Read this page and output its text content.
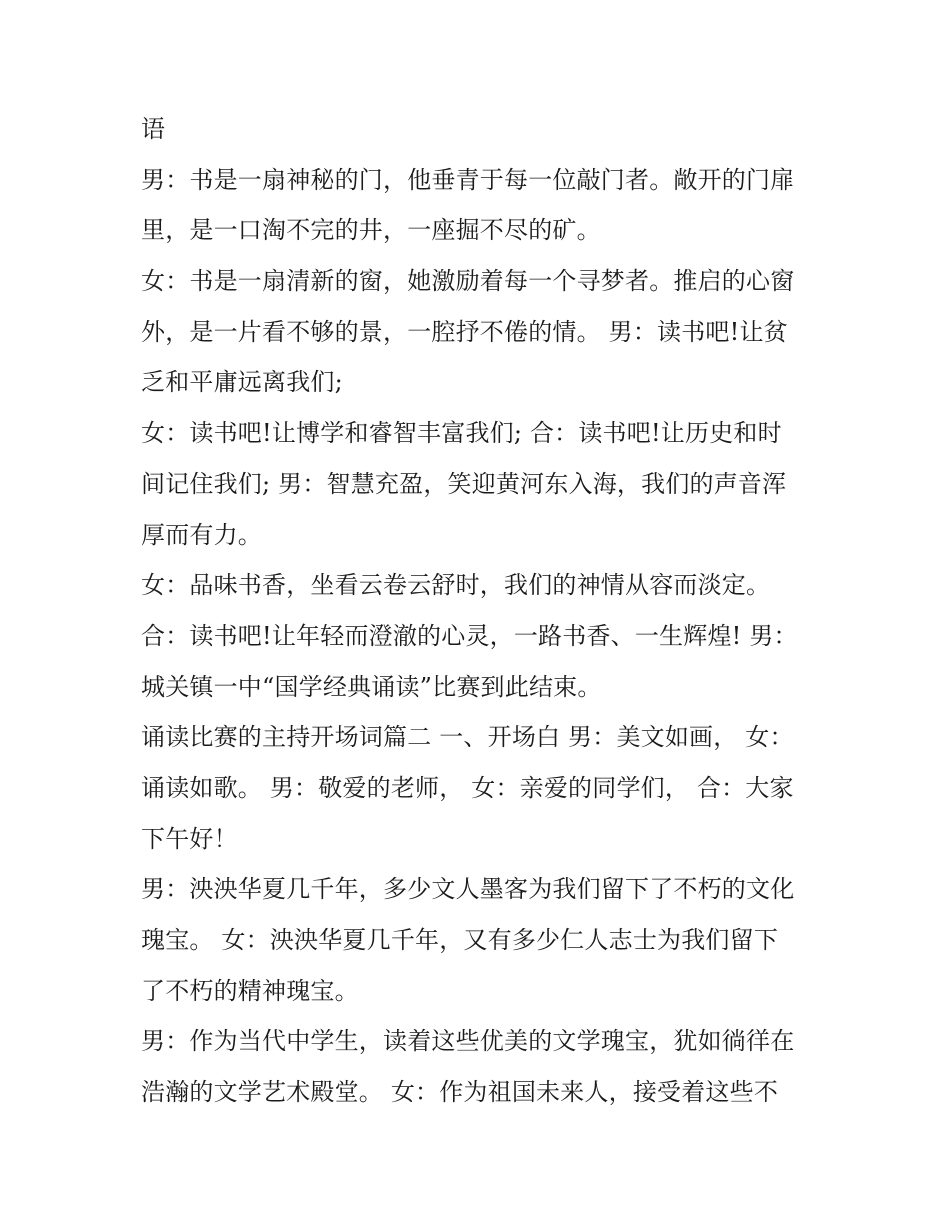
语
男：书是一扇神秘的门，他垂青于每一位敲门者。敞开的门扉
里，是一口淘不完的井，一座掘不尽的矿。
女：书是一扇清新的窗，她激励着每一个寻梦者。推启的心窗
外，是一片看不够的景，一腔抒不倦的情。 男：读书吧!让贫
乏和平庸远离我们;
女：读书吧!让博学和睿智丰富我们; 合：读书吧!让历史和时
间记住我们; 男：智慧充盈，笑迎黄河东入海，我们的声音浑
厚而有力。
女：品味书香，坐看云卷云舒时，我们的神情从容而淡定。
合：读书吧!让年轻而澄澈的心灵，一路书香、一生辉煌! 男：
城关镇一中“国学经典诵读”比赛到此结束。
诵读比赛的主持开场词篇二 一、开场白 男：美文如画， 女：
诵读如歌。 男：敬爱的老师， 女：亲爱的同学们， 合：大家
下午好！
男：泱泱华夏几千年，多少文人墨客为我们留下了不朽的文化
瑰宝。 女：泱泱华夏几千年，又有多少仁人志士为我们留下
了不朽的精神瑰宝。
男：作为当代中学生，读着这些优美的文学瑰宝，犹如徜徉在
浩瀚的文学艺术殿堂。 女：作为祖国未来人，接受着这些不
